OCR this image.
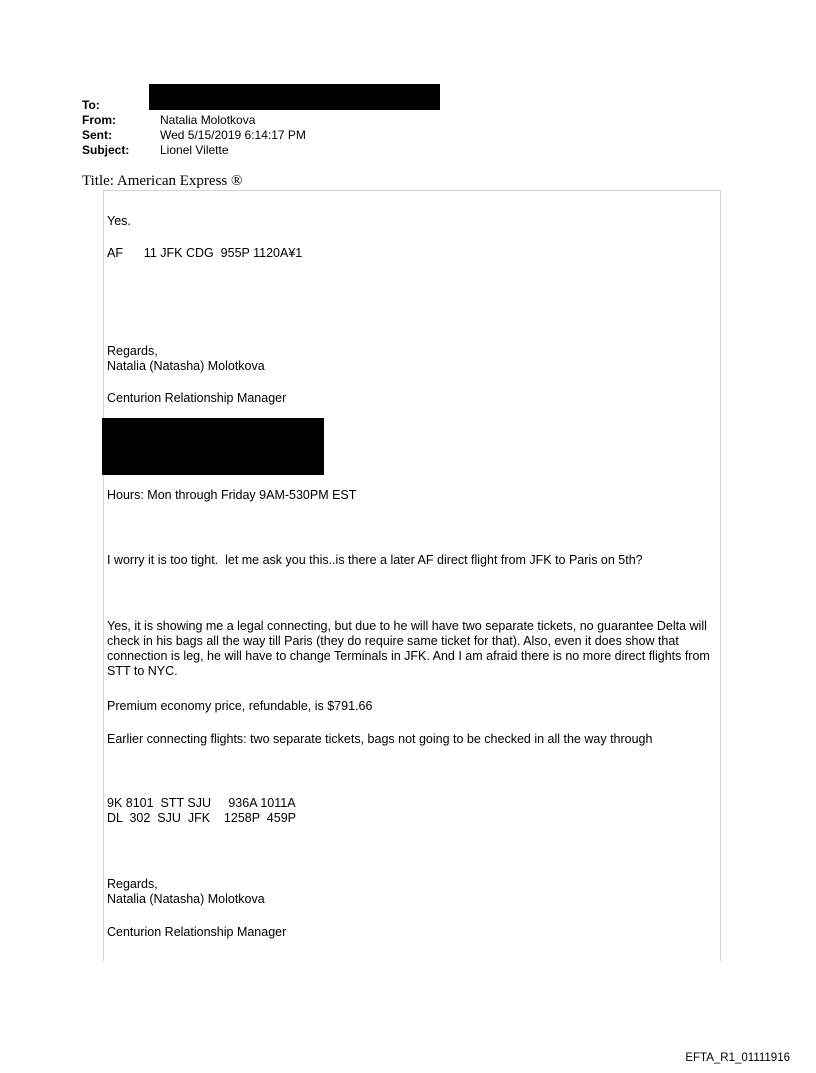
To:
From:	Natalia Molotkova
Sent:	Wed 5/15/2019 6:14:17 PM
Subject:	Lionel Vilette
Title: American Express ®
Yes.
AF      11 JFK CDG  955P 1120A¥1
Regards,
Natalia (Natasha) Molotkova
Centurion Relationship Manager
Hours: Mon through Friday 9AM-530PM EST
I worry it is too tight.  let me ask you this..is there a later AF direct flight from JFK to Paris on 5th?
Yes, it is showing me a legal connecting, but due to he will have two separate tickets, no guarantee Delta will check in his bags all the way till Paris (they do require same ticket for that). Also, even it does show that connection is leg, he will have to change Terminals in JFK. And I am afraid there is no more direct flights from STT to NYC.
Premium economy price, refundable, is $791.66
Earlier connecting flights: two separate tickets, bags not going to be checked in all the way through
9K 8101  STT SJU     936A 1011A
DL  302  SJU  JFK    1258P  459P
Regards,
Natalia (Natasha) Molotkova
Centurion Relationship Manager
EFTA_R1_01111916
